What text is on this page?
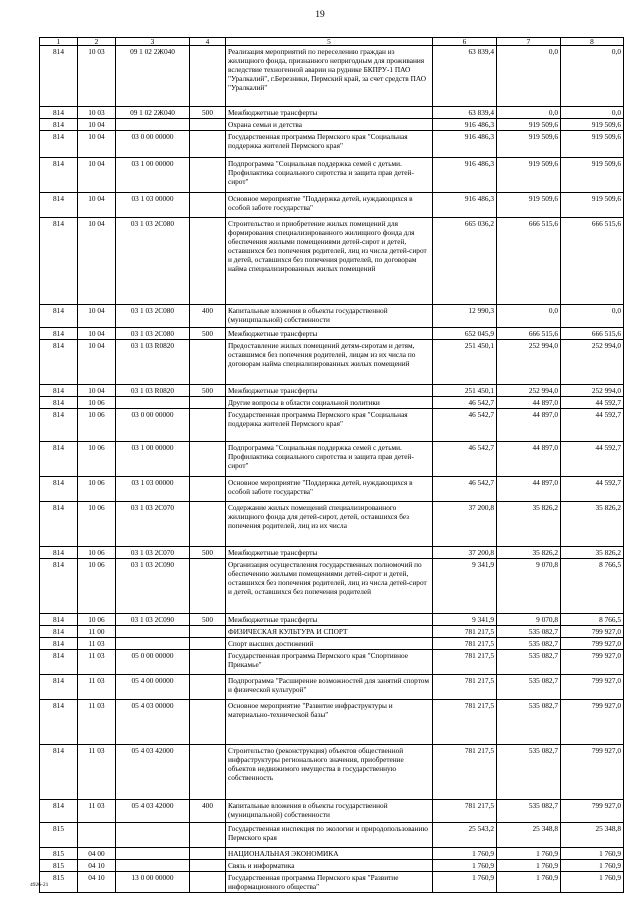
19
1	2	3	4	5	6	7	8
814	10 03	09 1 02 2Ж040		Реализация мероприятий по переселению граждан из жилищного фонда, признанного непригодным для проживания вследствие техногенной аварии на руднике БКПРУ-1 ПАО "Уралкалий", г.Березники, Пермский край, за счет средств ПАО "Уралкалий"	63 839,4	0,0	0,0
814	10 03	09 1 02 2Ж040	500	Межбюджетные трансферты	63 839,4	0,0	0,0
814	10 04			Охрана семьи и детства	916 486,3	919 509,6	919 509,6
814	10 04	03 0 00 00000		Государственная программа Пермского края "Социальная поддержка жителей Пермского края"	916 486,3	919 509,6	919 509,6
814	10 04	03 1 00 00000		Подпрограмма "Социальная поддержка семей с детьми. Профилактика социального сиротства и защита прав детей-сирот"	916 486,3	919 509,6	919 509,6
814	10 04	03 1 03 00000		Основное мероприятие "Поддержка детей, нуждающихся в особой заботе государства"	916 486,3	919 509,6	919 509,6
814	10 04	03 1 03 2С080		Строительство и приобретение жилых помещений для формирования специализированного жилищного фонда для обеспечения жилыми помещениями детей-сирот и детей, оставшихся без попечения родителей, лиц из числа детей-сирот и детей, оставшихся без попечения родителей, по договорам найма специализированных жилых помещений	665 036,2	666 515,6	666 515,6
814	10 04	03 1 03 2С080	400	Капитальные вложения в объекты государственной (муниципальной) собственности	12 990,3	0,0	0,0
814	10 04	03 1 03 2С080	500	Межбюджетные трансферты	652 045,9	666 515,6	666 515,6
814	10 04	03 1 03 R0820		Предоставление жилых помещений детям-сиротам и детям, оставшимся без попечения родителей, лицам из их числа по договорам найма специализированных жилых помещений	251 450,1	252 994,0	252 994,0
814	10 04	03 1 03 R0820	500	Межбюджетные трансферты	251 450,1	252 994,0	252 994,0
814	10 06			Другие вопросы в области социальной политики	46 542,7	44 897,0	44 592,7
814	10 06	03 0 00 00000		Государственная программа Пермского края "Социальная поддержка жителей Пермского края"	46 542,7	44 897,0	44 592,7
814	10 06	03 1 00 00000		Подпрограмма "Социальная поддержка семей с детьми. Профилактика социального сиротства и защита прав детей-сирот"	46 542,7	44 897,0	44 592,7
814	10 06	03 1 03 00000		Основное мероприятие "Поддержка детей, нуждающихся в особой заботе государства"	46 542,7	44 897,0	44 592,7
814	10 06	03 1 03 2С070		Содержание жилых помещений специализированного жилищного фонда для детей-сирот, детей, оставшихся без попечения родителей, лиц из их числа	37 200,8	35 826,2	35 826,2
814	10 06	03 1 03 2С070	500	Межбюджетные трансферты	37 200,8	35 826,2	35 826,2
814	10 06	03 1 03 2С090		Организация осуществления государственных полномочий по обеспечению жилыми помещениями детей-сирот и детей, оставшихся без попечения родителей, лиц из числа детей-сирот и детей, оставшихся без попечения родителей	9 341,9	9 070,8	8 766,5
814	10 06	03 1 03 2С090	500	Межбюджетные трансферты	9 341,9	9 070,8	8 766,5
814	11 00			ФИЗИЧЕСКАЯ КУЛЬТУРА И СПОРТ	781 217,5	535 082,7	799 927,0
814	11 03			Спорт высших достижений	781 217,5	535 082,7	799 927,0
814	11 03	05 0 00 00000		Государственная программа Пермского края "Спортивное Прикамье"	781 217,5	535 082,7	799 927,0
814	11 03	05 4 00 00000		Подпрограмма "Расширение возможностей для занятий спортом и физической культурой"	781 217,5	535 082,7	799 927,0
814	11 03	05 4 03 00000		Основное мероприятие "Развитие инфраструктуры и материально-технической базы"	781 217,5	535 082,7	799 927,0
814	11 03	05 4 03 42000		Строительство (реконструкция) объектов общественной инфраструктуры регионального значения, приобретение объектов недвижимого имущества в государственную собственность	781 217,5	535 082,7	799 927,0
814	11 03	05 4 03 42000	400	Капитальные вложения в объекты государственной (муниципальной) собственности	781 217,5	535 082,7	799 927,0
815				Государственная инспекция по экологии и природопользованию Пермского края	25 543,2	25 348,8	25 348,8
815	04 00			НАЦИОНАЛЬНАЯ ЭКОНОМИКА	1 760,9	1 760,9	1 760,9
815	04 10			Связь и информатика	1 760,9	1 760,9	1 760,9
815	04 10	13 0 00 00000		Государственная программа Пермского края "Развитие информационного общества"	1 760,9	1 760,9	1 760,9
4926-21
